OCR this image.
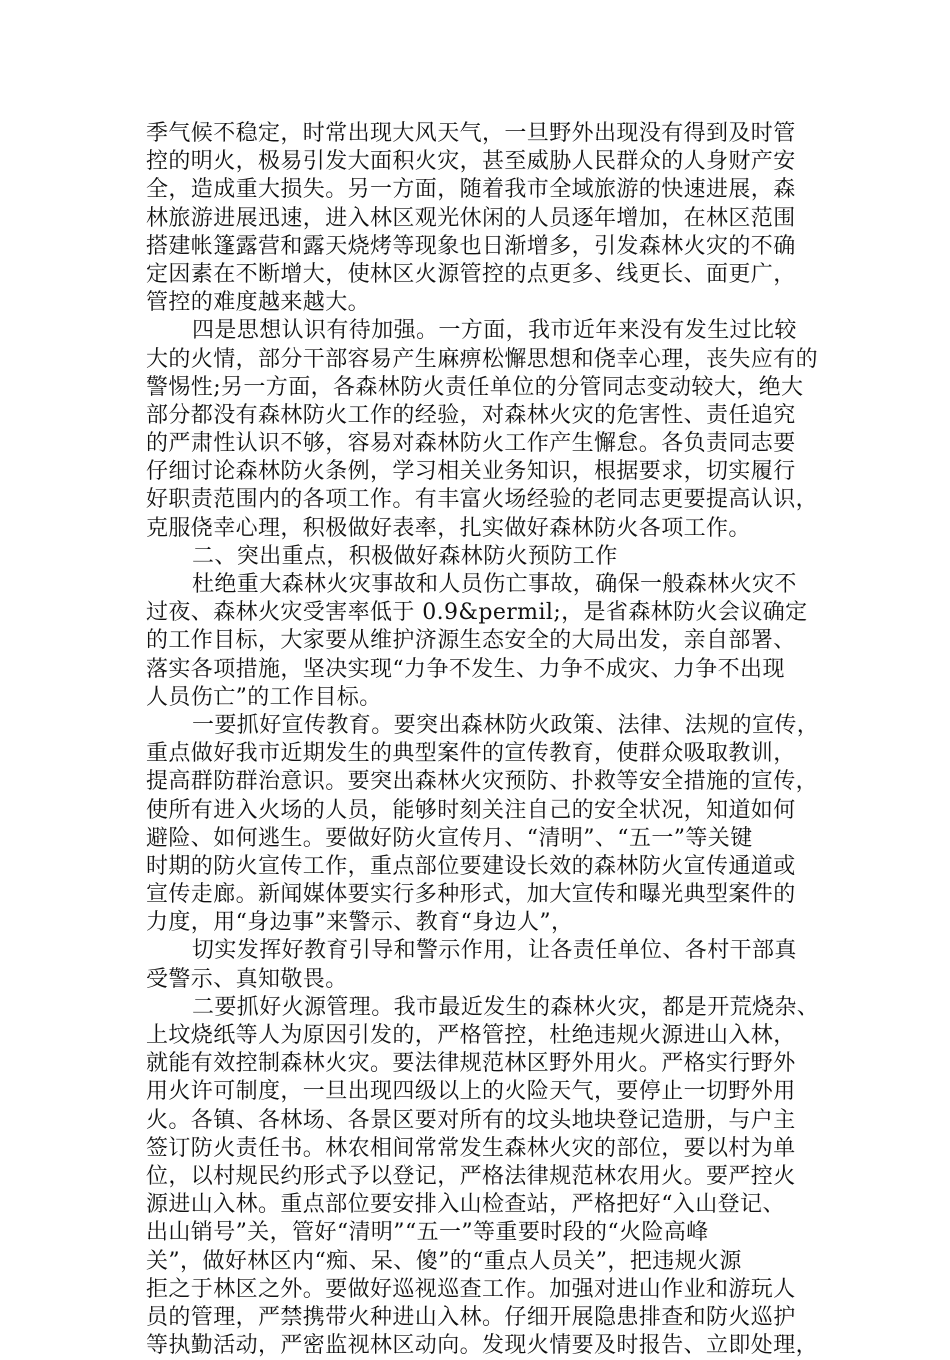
季气候不稳定，时常出现大风天气，一旦野外出现没有得到及时管
控的明火，极易引发大面积火灾，甚至威胁人民群众的人身财产安
全，造成重大损失。另一方面，随着我市全域旅游的快速进展，森
林旅游进展迅速，进入林区观光休闲的人员逐年增加，在林区范围
搭建帐篷露营和露天烧烤等现象也日渐增多，引发森林火灾的不确
定因素在不断增大，使林区火源管控的点更多、线更长、面更广，
管控的难度越来越大。
四是思想认识有待加强。一方面，我市近年来没有发生过比较
大的火情，部分干部容易产生麻痹松懈思想和侥幸心理，丧失应有的
警惕性;另一方面，各森林防火责任单位的分管同志变动较大，绝大
部分都没有森林防火工作的经验，对森林火灾的危害性、责任追究
的严肃性认识不够，容易对森林防火工作产生懈怠。各负责同志要
仔细讨论森林防火条例，学习相关业务知识，根据要求，切实履行
好职责范围内的各项工作。有丰富火场经验的老同志更要提高认识，
克服侥幸心理，积极做好表率，扎实做好森林防火各项工作。
二、突出重点，积极做好森林防火预防工作
杜绝重大森林火灾事故和人员伤亡事故，确保一般森林火灾不
过夜、森林火灾受害率低于 0.9&permil;，是省森林防火会议确定
的工作目标，大家要从维护济源生态安全的大局出发，亲自部署、
落实各项措施，坚决实现“力争不发生、力争不成灾、力争不出现
人员伤亡”的工作目标。
一要抓好宣传教育。要突出森林防火政策、法律、法规的宣传，
重点做好我市近期发生的典型案件的宣传教育，使群众吸取教训，
提高群防群治意识。要突出森林火灾预防、扑救等安全措施的宣传，
使所有进入火场的人员，能够时刻关注自己的安全状况，知道如何
避险、如何逃生。要做好防火宣传月、“清明”、“五一”等关键
时期的防火宣传工作，重点部位要建设长效的森林防火宣传通道或
宣传走廊。新闻媒体要实行多种形式，加大宣传和曝光典型案件的
力度，用“身边事”来警示、教育“身边人”，
切实发挥好教育引导和警示作用，让各责任单位、各村干部真
受警示、真知敬畏。
二要抓好火源管理。我市最近发生的森林火灾，都是开荒烧杂、
上坟烧纸等人为原因引发的，严格管控，杜绝违规火源进山入林，
就能有效控制森林火灾。要法律规范林区野外用火。严格实行野外
用火许可制度，一旦出现四级以上的火险天气，要停止一切野外用
火。各镇、各林场、各景区要对所有的坟头地块登记造册，与户主
签订防火责任书。林农相间常常发生森林火灾的部位，要以村为单
位，以村规民约形式予以登记，严格法律规范林农用火。要严控火
源进山入林。重点部位要安排入山检查站，严格把好“入山登记、
出山销号”关，管好“清明”“五一”等重要时段的“火险高峰
关”，做好林区内“痴、呆、傻”的“重点人员关”，把违规火源
拒之于林区之外。要做好巡视巡查工作。加强对进山作业和游玩人
员的管理，严禁携带火种进山入林。仔细开展隐患排查和防火巡护
等执勤活动，严密监视林区动向。发现火情要及时报告、立即处理，
